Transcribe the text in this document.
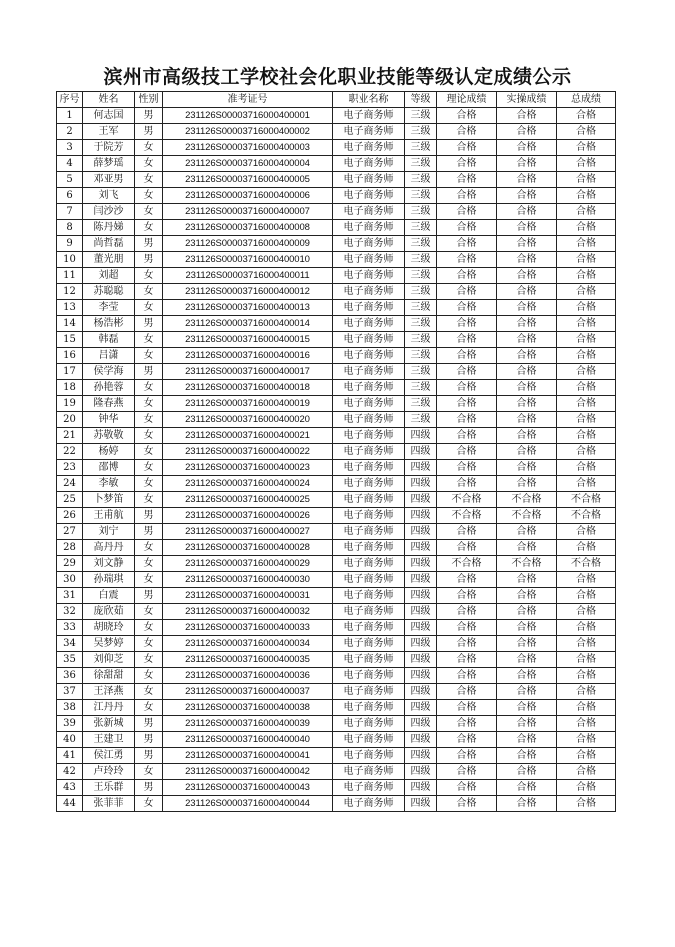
滨州市高级技工学校社会化职业技能等级认定成绩公示
序号	姓名	性别	准考证号	职业名称	等级	理论成绩	实操成绩	总成绩
1	何志国	男	231126S00003716000400001	电子商务师	三级	合格	合格	合格
2	王军	男	231126S00003716000400002	电子商务师	三级	合格	合格	合格
3	于院芳	女	231126S00003716000400003	电子商务师	三级	合格	合格	合格
4	薛梦瑶	女	231126S00003716000400004	电子商务师	三级	合格	合格	合格
5	邓亚男	女	231126S00003716000400005	电子商务师	三级	合格	合格	合格
6	刘飞	女	231126S00003716000400006	电子商务师	三级	合格	合格	合格
7	闫沙沙	女	231126S00003716000400007	电子商务师	三级	合格	合格	合格
8	陈丹娣	女	231126S00003716000400008	电子商务师	三级	合格	合格	合格
9	尚哲磊	男	231126S00003716000400009	电子商务师	三级	合格	合格	合格
10	董光朋	男	231126S00003716000400010	电子商务师	三级	合格	合格	合格
11	刘超	女	231126S00003716000400011	电子商务师	三级	合格	合格	合格
12	苏聪聪	女	231126S00003716000400012	电子商务师	三级	合格	合格	合格
13	李莹	女	231126S00003716000400013	电子商务师	三级	合格	合格	合格
14	杨浩彬	男	231126S00003716000400014	电子商务师	三级	合格	合格	合格
15	韩磊	女	231126S00003716000400015	电子商务师	三级	合格	合格	合格
16	吕潇	女	231126S00003716000400016	电子商务师	三级	合格	合格	合格
17	侯学海	男	231126S00003716000400017	电子商务师	三级	合格	合格	合格
18	孙艳蓉	女	231126S00003716000400018	电子商务师	三级	合格	合格	合格
19	隆春燕	女	231126S00003716000400019	电子商务师	三级	合格	合格	合格
20	钟华	女	231126S00003716000400020	电子商务师	三级	合格	合格	合格
21	苏敬敬	女	231126S00003716000400021	电子商务师	四级	合格	合格	合格
22	杨婷	女	231126S00003716000400022	电子商务师	四级	合格	合格	合格
23	邵博	女	231126S00003716000400023	电子商务师	四级	合格	合格	合格
24	李敏	女	231126S00003716000400024	电子商务师	四级	合格	合格	合格
25	卜梦笛	女	231126S00003716000400025	电子商务师	四级	不合格	不合格	不合格
26	王甫航	男	231126S00003716000400026	电子商务师	四级	不合格	不合格	不合格
27	刘宁	男	231126S00003716000400027	电子商务师	四级	合格	合格	合格
28	高丹丹	女	231126S00003716000400028	电子商务师	四级	合格	合格	合格
29	刘文静	女	231126S00003716000400029	电子商务师	四级	不合格	不合格	不合格
30	孙瑞琪	女	231126S00003716000400030	电子商务师	四级	合格	合格	合格
31	白震	男	231126S00003716000400031	电子商务师	四级	合格	合格	合格
32	庞欣茹	女	231126S00003716000400032	电子商务师	四级	合格	合格	合格
33	胡晓玲	女	231126S00003716000400033	电子商务师	四级	合格	合格	合格
34	吴梦婷	女	231126S00003716000400034	电子商务师	四级	合格	合格	合格
35	刘仰芝	女	231126S00003716000400035	电子商务师	四级	合格	合格	合格
36	徐甜甜	女	231126S00003716000400036	电子商务师	四级	合格	合格	合格
37	王泽燕	女	231126S00003716000400037	电子商务师	四级	合格	合格	合格
38	江丹丹	女	231126S00003716000400038	电子商务师	四级	合格	合格	合格
39	张新城	男	231126S00003716000400039	电子商务师	四级	合格	合格	合格
40	王建卫	男	231126S00003716000400040	电子商务师	四级	合格	合格	合格
41	侯江勇	男	231126S00003716000400041	电子商务师	四级	合格	合格	合格
42	卢玲玲	女	231126S00003716000400042	电子商务师	四级	合格	合格	合格
43	王乐群	男	231126S00003716000400043	电子商务师	四级	合格	合格	合格
44	张菲菲	女	231126S00003716000400044	电子商务师	四级	合格	合格	合格
